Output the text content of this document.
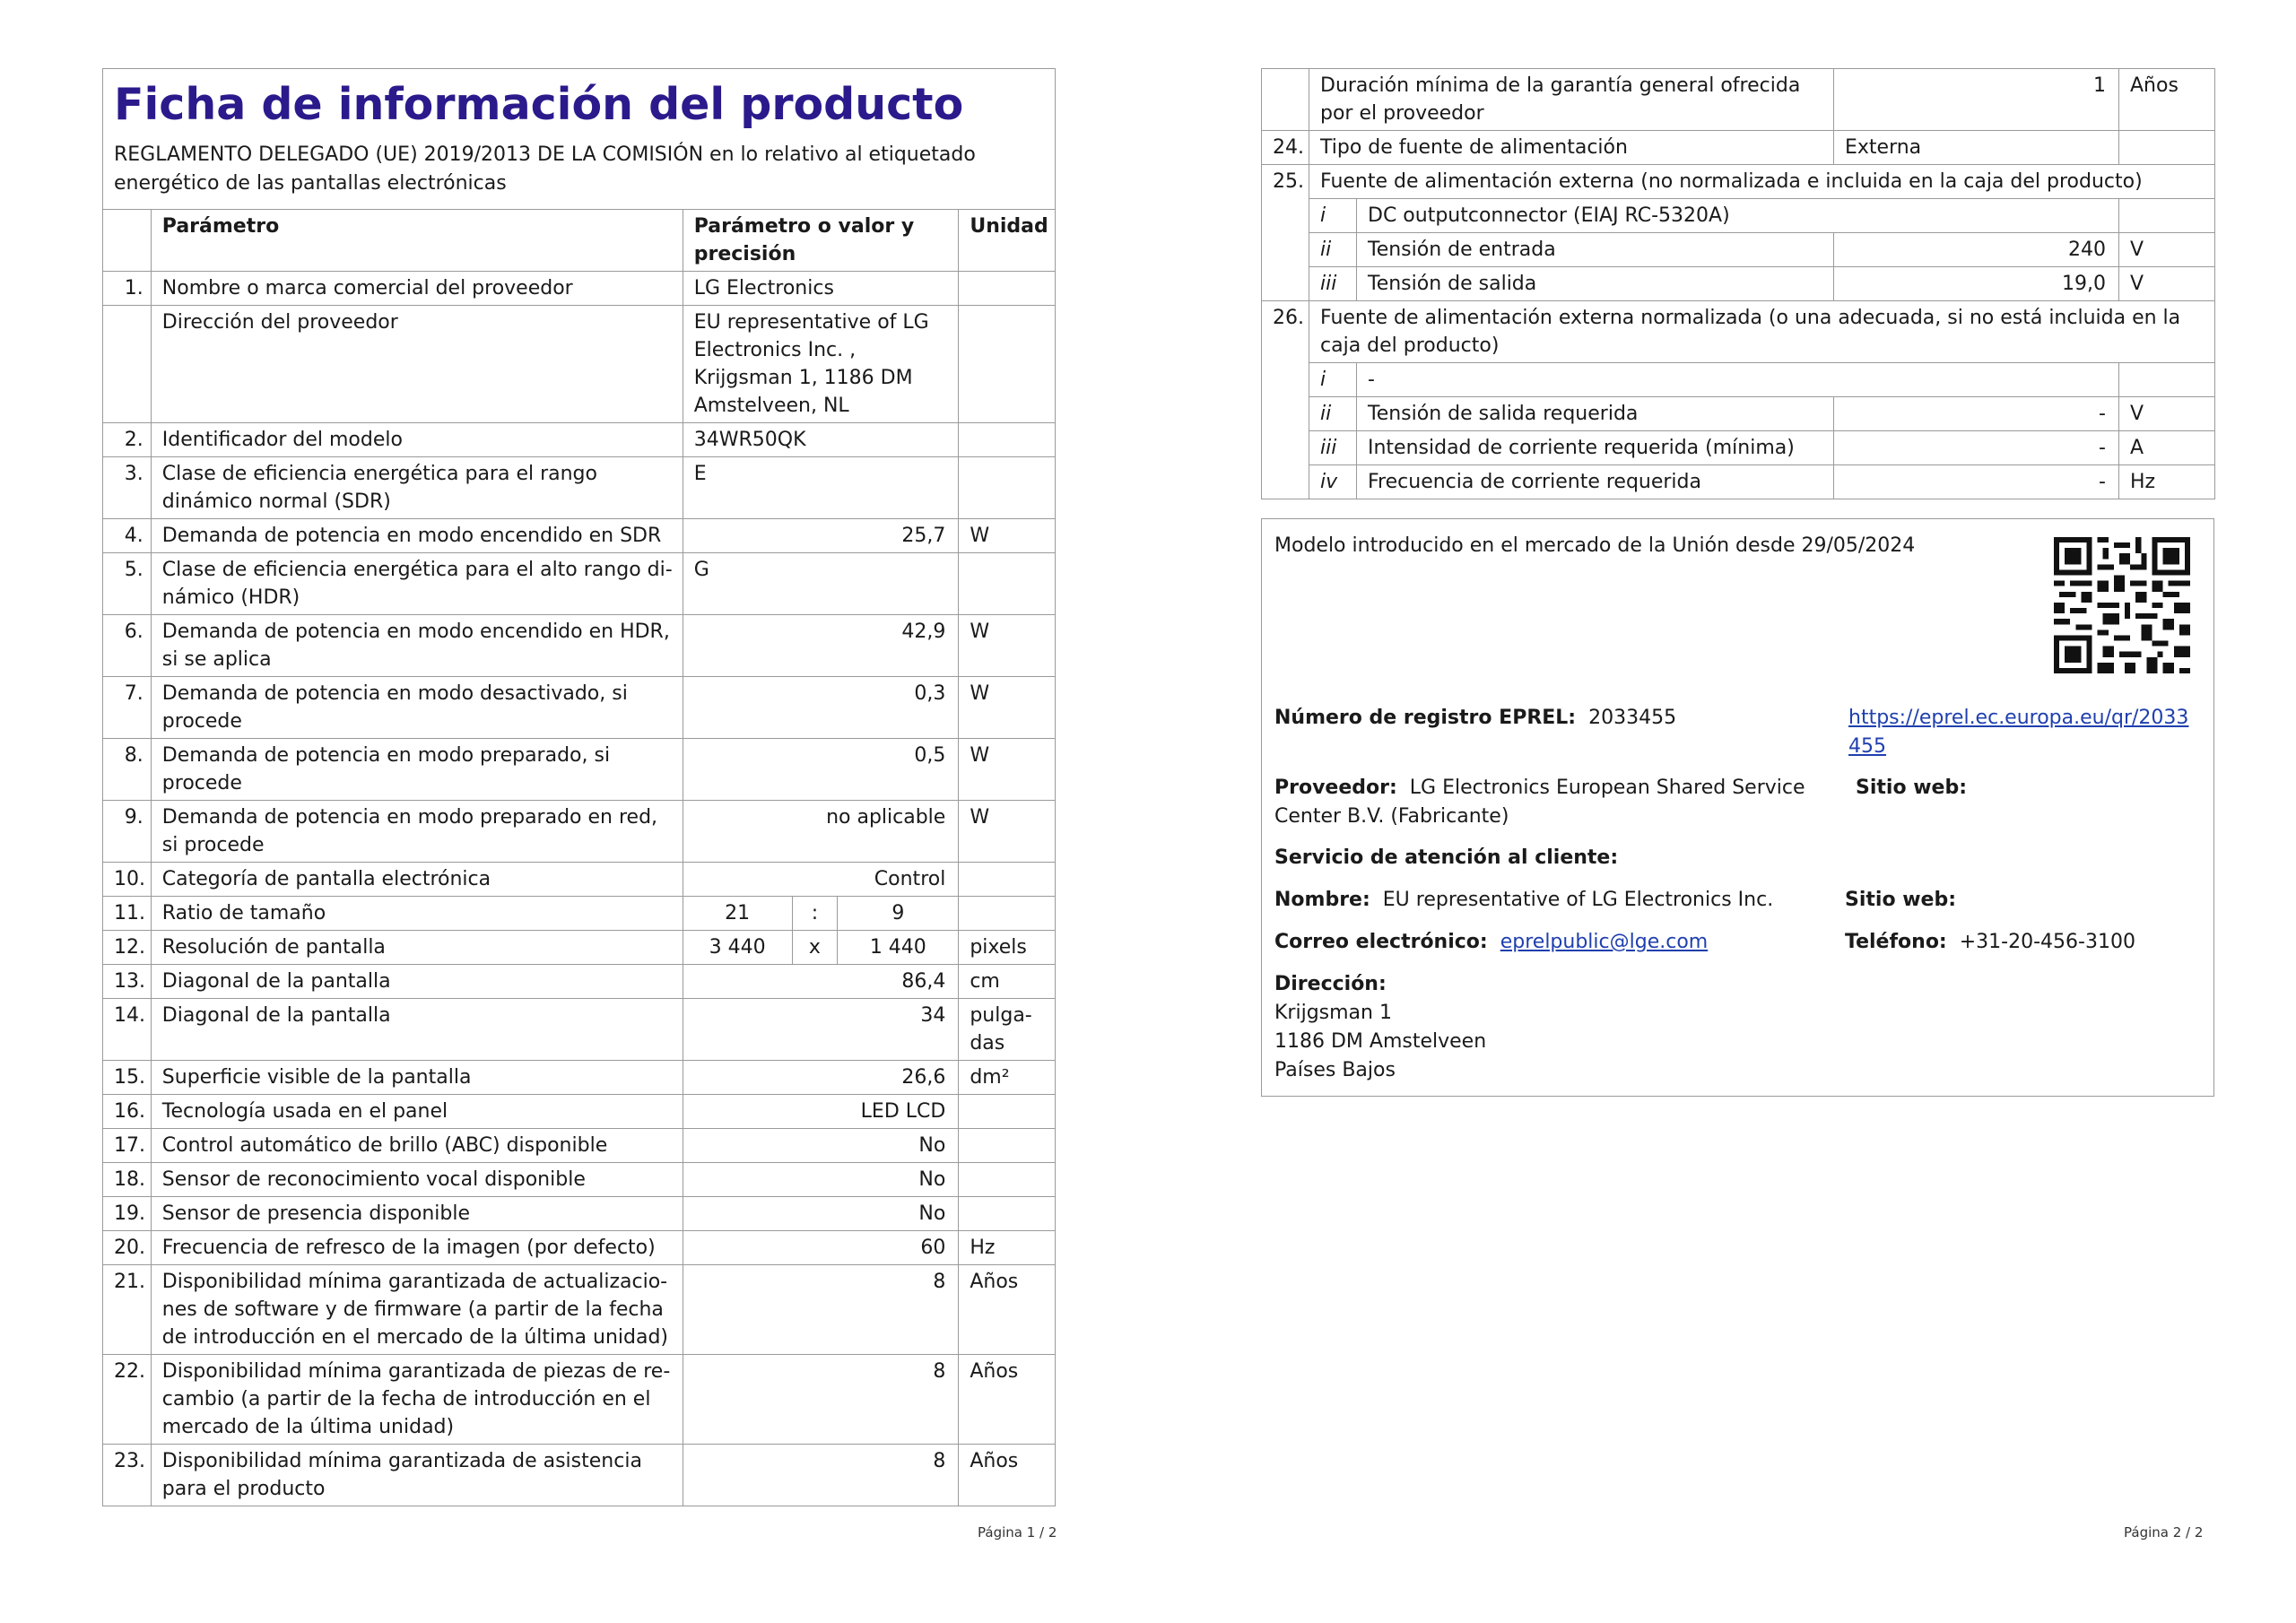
Ficha de información del producto
REGLAMENTO DELEGADO (UE) 2019/2013 DE LA COMISIÓN en lo relativo al etiquetado energético de las pantallas electrónicas					

	Parámetro	Parámetro o valor y precisión			Unidad
1.	Nombre o marca comercial del proveedor	LG Electronics			
	Dirección del proveedor	EU representative of LG Electronics Inc. , Krijgsman 1, 1186 DM Amstelveen, NL			
2.	Identificador del modelo	34WR50QK			
3.	Clase de eficiencia energética para el rango dinámico normal (SDR)	E			
4.	Demanda de potencia en modo encendido en SDR	25,7			W
5.	Clase de eficiencia energética para el alto rango dinámico (HDR)	G			
6.	Demanda de potencia en modo encendido en HDR, si se aplica	42,9			W
7.	Demanda de potencia en modo desactivado, si procede	0,3			W
8.	Demanda de potencia en modo preparado, si procede	0,5			W
9.	Demanda de potencia en modo preparado en red, si procede	no aplicable			W
10.	Categoría de pantalla electrónica	Control			
11.	Ratio de tamaño	21	:	9	
12.	Resolución de pantalla	3 440	x	1 440	pixels
13.	Diagonal de la pantalla	86,4			cm
14.	Diagonal de la pantalla	34			pulgadas
15.	Superficie visible de la pantalla	26,6			dm²
16.	Tecnología usada en el panel	LED LCD			
17.	Control automático de brillo (ABC) disponible	No			
18.	Sensor de reconocimiento vocal disponible	No			
19.	Sensor de presencia disponible	No			
20.	Frecuencia de refresco de la imagen (por defecto)	60			Hz
21.	Disponibilidad mínima garantizada de actualizaciones de software y de firmware (a partir de la fecha de introducción en el mercado de la última unidad)	8			Años
22.	Disponibilidad mínima garantizada de piezas de recambio (a partir de la fecha de introducción en el mercado de la última unidad)	8			Años
23.	Disponibilidad mínima garantizada de asistencia para el producto	8			Años
Página 1 / 2
	Duración mínima de la garantía general ofrecida por el proveedor		1	Años
24.	Tipo de fuente de alimentación		Externa	
25.	Fuente de alimentación externa (no normalizada e incluida en la caja del producto)			
	i	DC outputconnector (EIAJ RC-5320A)		
	ii	Tensión de entrada	240	V
	iii	Tensión de salida	19,0	V
26.	Fuente de alimentación externa normalizada (o una adecuada, si no está incluida en la caja del producto)			
	i	-		
	ii	Tensión de salida requerida	-	V
	iii	Intensidad de corriente requerida (mínima)	-	A
	iv	Frecuencia de corriente requerida	-	Hz
Modelo introducido en el mercado de la Unión desde 29/05/2024
Número de registro EPREL: 2033455	https://eprel.ec.europa.eu/qr/2033455
Proveedor: LG Electronics European Shared Service Center B.V. (Fabricante)
Sitio web:
Servicio de atención al cliente:
Nombre: EU representative of LG Electronics Inc.	Sitio web:
Correo electrónico: eprelpublic@lge.com	Teléfono: +31-20-456-3100
Dirección:
Krijgsman 1
1186 DM Amstelveen
Países Bajos
Página 2 / 2
